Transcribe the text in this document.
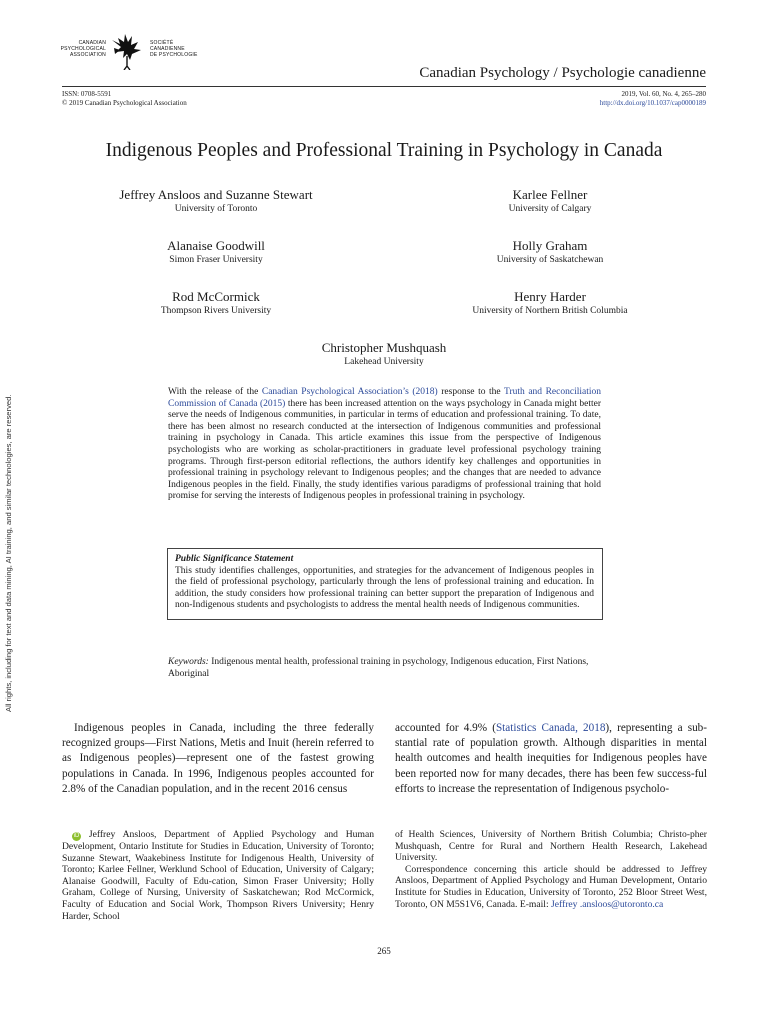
CANADIAN
PSYCHOLOGICAL
ASSOCIATION
SOCIÉTÉ
CANADIENNE
DE PSYCHOLOGIE
Canadian Psychology / Psychologie canadienne
ISSN: 0708-5591
© 2019 Canadian Psychological Association
2019, Vol. 60, No. 4, 265–280
http://dx.doi.org/10.1037/cap0000189
All rights, including for text and data mining, AI training, and similar technologies, are reserved.
Indigenous Peoples and Professional Training in Psychology in Canada
Jeffrey Ansloos and Suzanne Stewart
University of Toronto
Karlee Fellner
University of Calgary
Alanaise Goodwill
Simon Fraser University
Holly Graham
University of Saskatchewan
Rod McCormick
Thompson Rivers University
Henry Harder
University of Northern British Columbia
Christopher Mushquash
Lakehead University
With the release of the Canadian Psychological Association’s (2018) response to the Truth and Reconciliation Commission of Canada (2015) there has been increased attention on the ways psychology in Canada might better serve the needs of Indigenous communities, in particular in terms of education and professional training. To date, there has been almost no research conducted at the intersection of Indigenous communities and professional training in psychology in Canada. This article examines this issue from the perspective of Indigenous psychologists who are working as scholar-practitioners in graduate level professional psychology training programs. Through first-person editorial reflections, the authors identify key challenges and opportunities in professional training in psychology relevant to Indigenous peoples; and the changes that are needed to advance Indigenous peoples in the field. Finally, the study identifies various paradigms of professional training that hold promise for serving the interests of Indigenous peoples in professional training in psychology.
Public Significance Statement
This study identifies challenges, opportunities, and strategies for the advancement of Indigenous peoples in the field of professional psychology, particularly through the lens of professional training and education. In addition, the study considers how professional training can better support the preparation of Indigenous and non-Indigenous students and psychologists to address the mental health needs of Indigenous communities.
Keywords: Indigenous mental health, professional training in psychology, Indigenous education, First Nations, Aboriginal
Indigenous peoples in Canada, including the three federally recognized groups—First Nations, Metis and Inuit (herein referred to as Indigenous peoples)—represent one of the fastest growing populations in Canada. In 1996, Indigenous peoples accounted for 2.8% of the Canadian population, and in the recent 2016 census
accounted for 4.9% (Statistics Canada, 2018), representing a sub-stantial rate of population growth. Although disparities in mental health outcomes and health inequities for Indigenous peoples have been reported now for many decades, there has been few success-ful efforts to increase the representation of Indigenous psycholo-
iD Jeffrey Ansloos, Department of Applied Psychology and Human Development, Ontario Institute for Studies in Education, University of Toronto; Suzanne Stewart, Waakebiness Institute for Indigenous Health, University of Toronto; Karlee Fellner, Werklund School of Education, University of Calgary; Alanaise Goodwill, Faculty of Edu-cation, Simon Fraser University; Holly Graham, College of Nursing, University of Saskatchewan; Rod McCormick, Faculty of Education and Social Work, Thompson Rivers University; Henry Harder, School
of Health Sciences, University of Northern British Columbia; Christo-pher Mushquash, Centre for Rural and Northern Health Research, Lakehead University.
Correspondence concerning this article should be addressed to Jeffrey Ansloos, Department of Applied Psychology and Human Development, Ontario Institute for Studies in Education, University of Toronto, 252 Bloor Street West, Toronto, ON M5S1V6, Canada. E-mail: Jeffrey .ansloos@utoronto.ca
265
